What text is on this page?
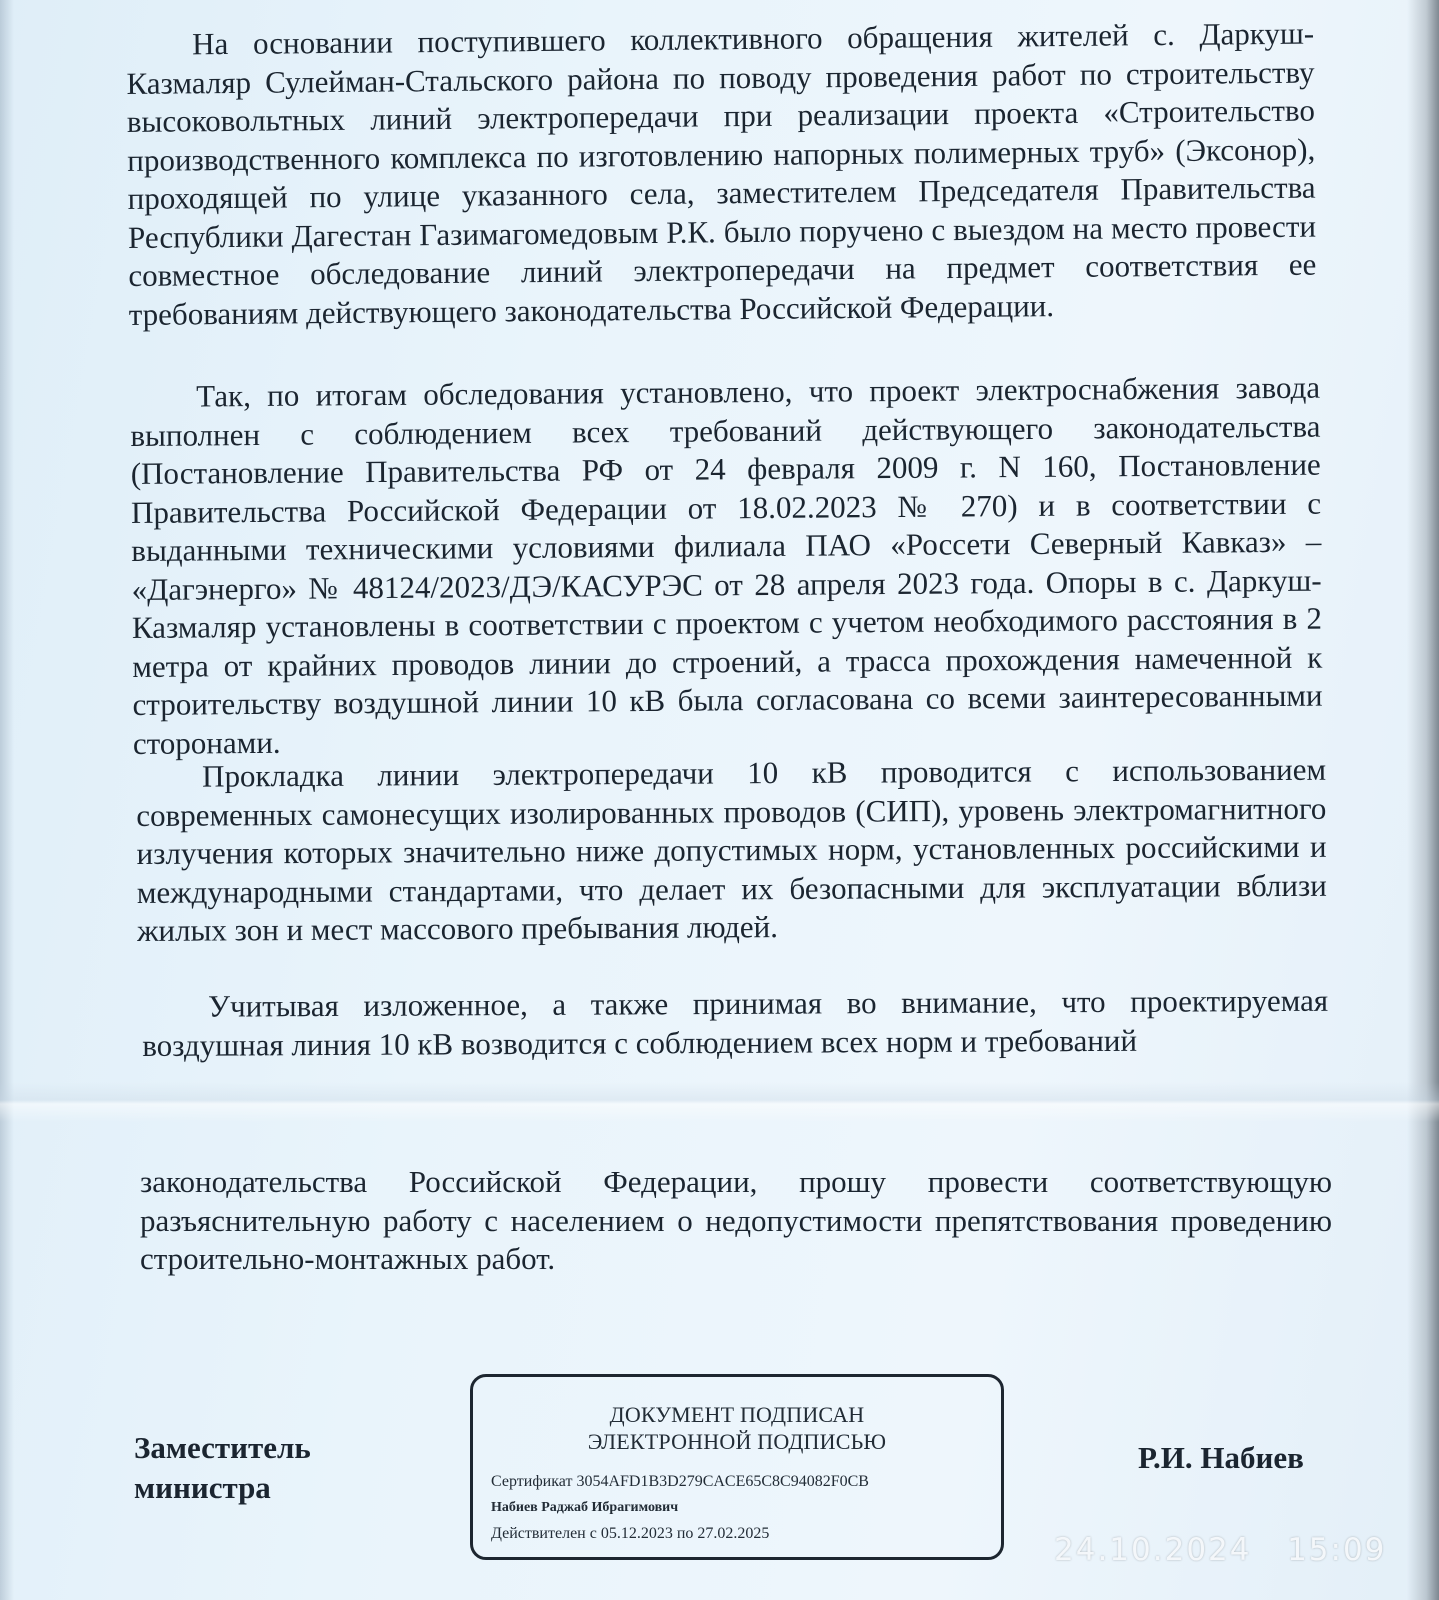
На основании поступившего коллективного обращения жителей с. Даркуш-Казмаляр Сулейман-Стальского района по поводу проведения работ по строительству высоковольтных линий электропередачи при реализации проекта «Строительство производственного комплекса по изготовлению напорных полимерных труб» (Эксонор), проходящей по улице указанного села, заместителем Председателя Правительства Республики Дагестан Газимагомедовым Р.К. было поручено с выездом на место провести совместное обследование линий электропередачи на предмет соответствия ее требованиям действующего законодательства Российской Федерации.

Так, по итогам обследования установлено, что проект электроснабжения завода выполнен с соблюдением всех требований действующего законодательства (Постановление Правительства РФ от 24 февраля 2009 г. N 160, Постановление Правительства Российской Федерации от 18.02.2023 № 270) и в соответствии с выданными техническими условиями филиала ПАО «Россети Северный Кавказ» – «Дагэнерго» № 48124/2023/ДЭ/КАСУРЭС от 28 апреля 2023 года. Опоры в с. Даркуш-Казмаляр установлены в соответствии с проектом с учетом необходимого расстояния в 2 метра от крайних проводов линии до строений, а трасса прохождения намеченной к строительству воздушной линии 10 кВ была согласована со всеми заинтересованными сторонами.

Прокладка линии электропередачи 10 кВ проводится с использованием современных самонесущих изолированных проводов (СИП), уровень электромагнитного излучения которых значительно ниже допустимых норм, установленных российскими и международными стандартами, что делает их безопасными для эксплуатации вблизи жилых зон и мест массового пребывания людей.

Учитывая изложенное, а также принимая во внимание, что проектируемая воздушная линия 10 кВ возводится с соблюдением всех норм и требований

законодательства Российской Федерации, прошу провести соответствующую разъяснительную работу с населением о недопустимости препятствования проведению строительно-монтажных работ.

Заместитель
министра
ДОКУМЕНТ ПОДПИСАН
ЭЛЕКТРОННОЙ ПОДПИСЬЮ
Сертификат 3054AFD1B3D279CACE65C8C94082F0CB
Набиев Раджаб Ибрагимович
Действителен с 05.12.2023 по 27.02.2025
Р.И. Набиев
24.10.2024 15:09
